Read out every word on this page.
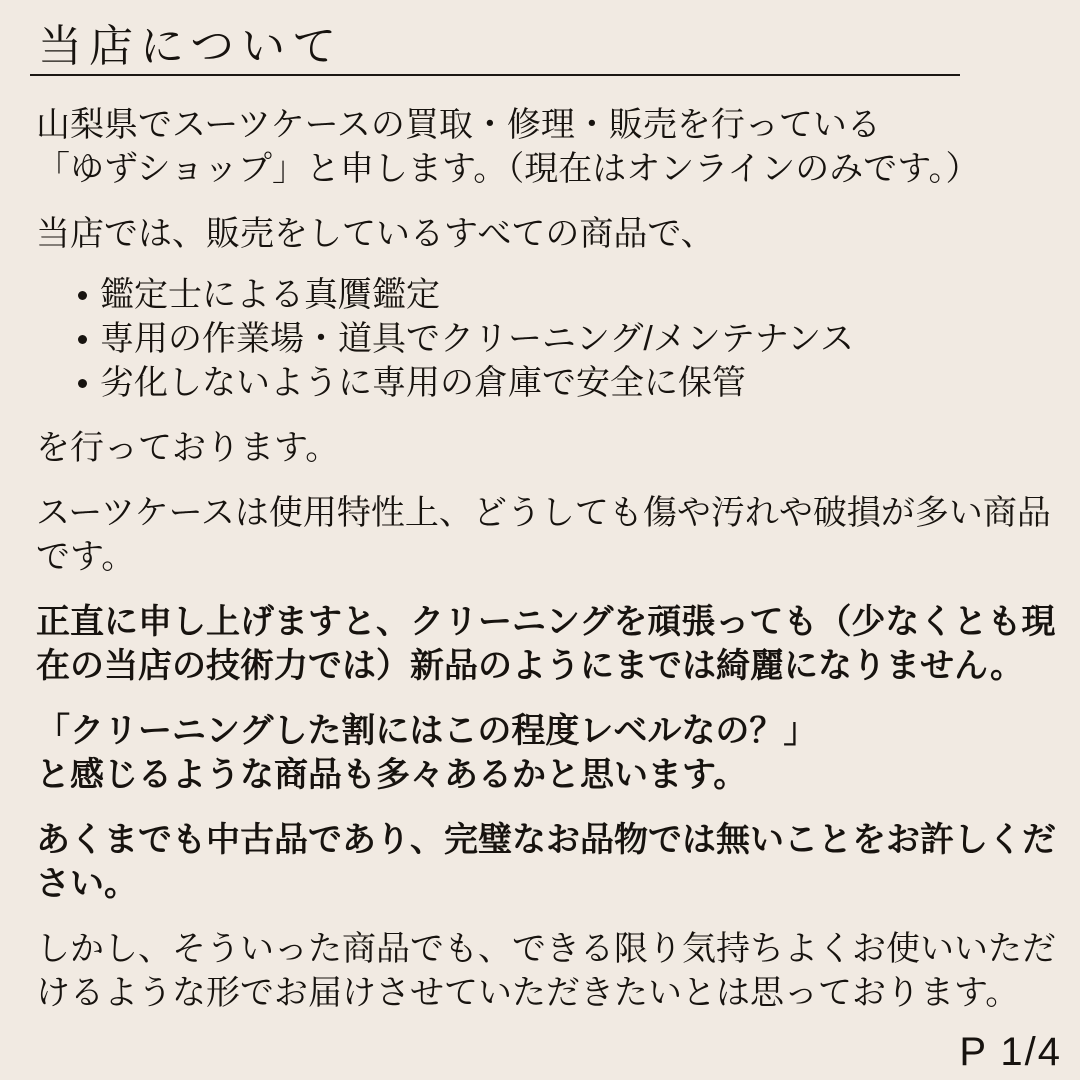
当店について
山梨県でスーツケースの買取・修理・販売を行っている
「ゆずショップ」と申します。（現在はオンラインのみです。）
当店では、販売をしているすべての商品で、
鑑定士による真贋鑑定
専用の作業場・道具でクリーニング/メンテナンス
劣化しないように専用の倉庫で安全に保管
を行っております。
スーツケースは使用特性上、どうしても傷や汚れや破損が多い商品
です。
正直に申し上げますと、クリーニングを頑張っても（少なくとも現
在の当店の技術力では）新品のようにまでは綺麗になりません。
「クリーニングした割にはこの程度レベルなの？」
と感じるような商品も多々あるかと思います。
あくまでも中古品であり、完璧なお品物では無いことをお許しくだ
さい。
しかし、そういった商品でも、できる限り気持ちよくお使いいただ
けるような形でお届けさせていただきたいとは思っております。
P 1/4
